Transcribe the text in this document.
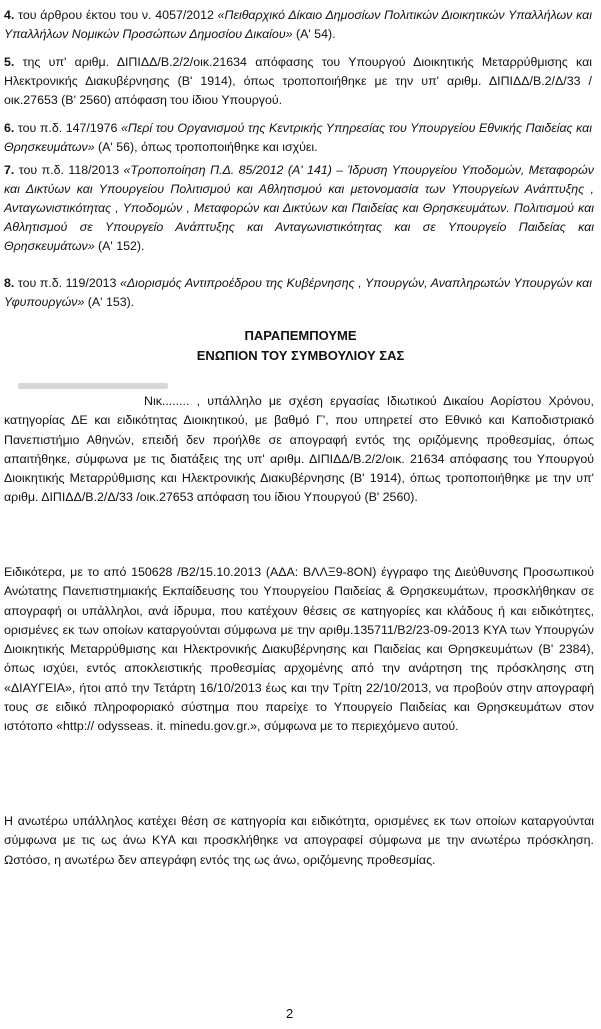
4. του άρθρου έκτου του ν. 4057/2012 «Πειθαρχικό Δίκαιο Δημοσίων Πολιτικών Διοικητικών Υπαλλήλων και Υπαλλήλων Νομικών Προσώπων Δημοσίου Δικαίου» (Α' 54).

5. της υπ' αριθμ. ΔΙΠΙΔΔ/Β.2/2/οικ.21634 απόφασης του Υπουργού Διοικητικής Μεταρρύθμισης και Ηλεκτρονικής Διακυβέρνησης (Β' 1914), όπως τροποποιήθηκε με την υπ' αριθμ. ΔΙΠΙΔΔ/Β.2/Δ/33 /οικ.27653 (Β' 2560) απόφαση του ίδιου Υπουργού.

6. του π.δ. 147/1976 «Περί του Οργανισμού της Κεντρικής Υπηρεσίας του Υπουργείου Εθνικής Παιδείας και Θρησκευμάτων» (Α' 56), όπως τροποποιήθηκε και ισχύει.

7. του π.δ. 118/2013 «Τροποποίηση Π.Δ. 85/2012 (Α' 141) – Ίδρυση Υπουργείου Υποδομών, Μεταφορών και Δικτύων και Υπουργείου Πολιτισμού και Αθλητισμού και μετονομασία των Υπουργείων Ανάπτυξης , Ανταγωνιστικότητας , Υποδομών , Μεταφορών και Δικτύων και Παιδείας και Θρησκευμάτων. Πολιτισμού και Αθλητισμού σε Υπουργείο Ανάπτυξης και Ανταγωνιστικότητας και σε Υπουργείο Παιδείας και Θρησκευμάτων» (Α' 152).

8. του π.δ. 119/2013 «Διορισμός Αντιπροέδρου της Κυβέρνησης , Υπουργών, Αναπληρωτών Υπουργών και Υφυπουργών» (Α' 153).

ΠΑΡΑΠΕΜΠΟΥΜΕ
ΕΝΩΠΙΟΝ ΤΟΥ ΣΥΜΒΟΥΛΙΟΥ ΣΑΣ

Νικ........ , υπάλληλο με σχέση εργασίας Ιδιωτικού Δικαίου Αορίστου Χρόνου, κατηγορίας ΔΕ και ειδικότητας Διοικητικού, με βαθμό Γ', που υπηρετεί στο Εθνικό και Καποδιστριακό Πανεπιστήμιο Αθηνών, επειδή δεν προήλθε σε απογραφή εντός της οριζόμενης προθεσμίας, όπως απαιτήθηκε, σύμφωνα με τις διατάξεις της υπ' αριθμ. ΔΙΠΙΔΔ/Β.2/2/οικ. 21634 απόφασης του Υπουργού Διοικητικής Μεταρρύθμισης και Ηλεκτρονικής Διακυβέρνησης (Β' 1914), όπως τροποποιήθηκε με την υπ' αριθμ. ΔΙΠΙΔΔ/Β.2/Δ/33 /οικ.27653 απόφαση του ίδιου Υπουργού (Β' 2560).

Ειδικότερα, με το από 150628 /Β2/15.10.2013 (ΑΔΑ: ΒΛΛΞ9-8ΟΝ) έγγραφο της Διεύθυνσης Προσωπικού Ανώτατης Πανεπιστημιακής Εκπαίδευσης του Υπουργείου Παιδείας & Θρησκευμάτων, προσκλήθηκαν σε απογραφή οι υπάλληλοι, ανά ίδρυμα, που κατέχουν θέσεις σε κατηγορίες και κλάδους ή και ειδικότητες, ορισμένες εκ των οποίων καταργούνται σύμφωνα με την αριθμ.135711/Β2/23-09-2013 ΚΥΑ των Υπουργών Διοικητικής Μεταρρύθμισης και Ηλεκτρονικής Διακυβέρνησης και Παιδείας και Θρησκευμάτων (Β' 2384), όπως ισχύει, εντός αποκλειστικής προθεσμίας αρχομένης από την ανάρτηση της πρόσκλησης στη «ΔΙΑΥΓΕΙΑ», ήτοι από την Τετάρτη 16/10/2013 έως και την Τρίτη 22/10/2013, να προβούν στην απογραφή τους σε ειδικό πληροφοριακό σύστημα που παρείχε το Υπουργείο Παιδείας και Θρησκευμάτων στον ιστότοπο «http:// odysseas. it. minedu.gov.gr.», σύμφωνα με το περιεχόμενο αυτού.

Η ανωτέρω υπάλληλος κατέχει θέση σε κατηγορία και ειδικότητα, ορισμένες εκ των οποίων καταργούνται σύμφωνα με τις ως άνω ΚΥΑ και προσκλήθηκε να απογραφεί σύμφωνα με την ανωτέρω πρόσκληση. Ωστόσο, η ανωτέρω δεν απεγράφη εντός της ως άνω, οριζόμενης προθεσμίας.

2
